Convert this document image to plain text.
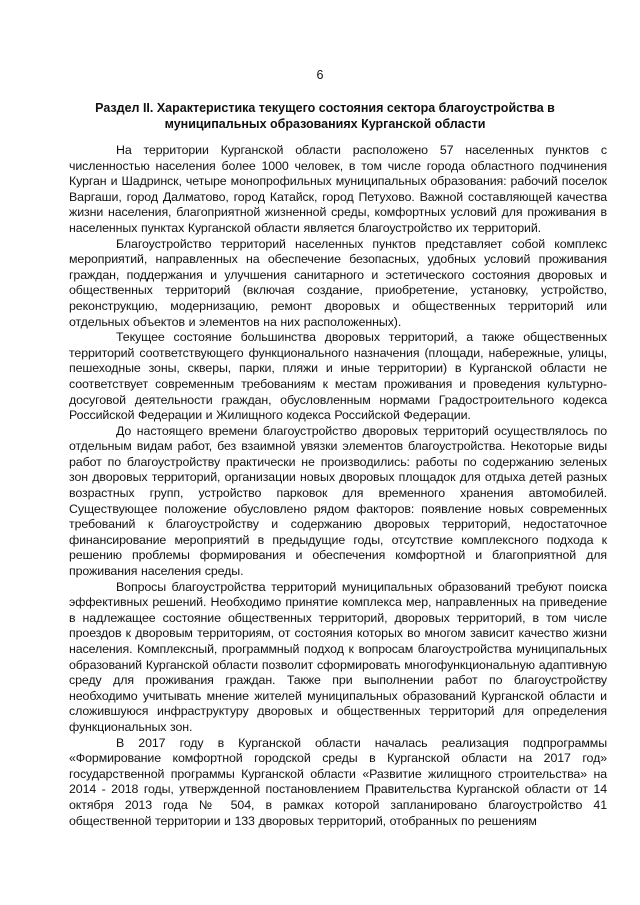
6
Раздел II. Характеристика текущего состояния сектора благоустройства в муниципальных образованиях Курганской области

На территории Курганской области расположено 57 населенных пунктов с численностью населения более 1000 человек, в том числе города областного подчинения Курган и Шадринск, четыре монопрофильных муниципальных образования: рабочий поселок Варгаши, город Далматово, город Катайск, город Петухово. Важной составляющей качества жизни населения, благоприятной жизненной среды, комфортных условий для проживания в населенных пунктах Курганской области является благоустройство их территорий.

Благоустройство территорий населенных пунктов представляет собой комплекс мероприятий, направленных на обеспечение безопасных, удобных условий проживания граждан, поддержания и улучшения санитарного и эстетического состояния дворовых и общественных территорий (включая создание, приобретение, установку, устройство, реконструкцию, модернизацию, ремонт дворовых и общественных территорий или отдельных объектов и элементов на них расположенных).

Текущее состояние большинства дворовых территорий, а также общественных территорий соответствующего функционального назначения (площади, набережные, улицы, пешеходные зоны, скверы, парки, пляжи и иные территории) в Курганской области не соответствует современным требованиям к местам проживания и проведения культурно-досуговой деятельности граждан, обусловленным нормами Градостроительного кодекса Российской Федерации и Жилищного кодекса Российской Федерации.

До настоящего времени благоустройство дворовых территорий осуществлялось по отдельным видам работ, без взаимной увязки элементов благоустройства. Некоторые виды работ по благоустройству практически не производились: работы по содержанию зеленых зон дворовых территорий, организации новых дворовых площадок для отдыха детей разных возрастных групп, устройство парковок для временного хранения автомобилей. Существующее положение обусловлено рядом факторов: появление новых современных требований к благоустройству и содержанию дворовых территорий, недостаточное финансирование мероприятий в предыдущие годы, отсутствие комплексного подхода к решению проблемы формирования и обеспечения комфортной и благоприятной для проживания населения среды.

Вопросы благоустройства территорий муниципальных образований требуют поиска эффективных решений. Необходимо принятие комплекса мер, направленных на приведение в надлежащее состояние общественных территорий, дворовых территорий, в том числе проездов к дворовым территориям, от состояния которых во многом зависит качество жизни населения. Комплексный, программный подход к вопросам благоустройства муниципальных образований Курганской области позволит сформировать многофункциональную адаптивную среду для проживания граждан. Также при выполнении работ по благоустройству необходимо учитывать мнение жителей муниципальных образований Курганской области и сложившуюся инфраструктуру дворовых и общественных территорий для определения функциональных зон.

В 2017 году в Курганской области началась реализация подпрограммы «Формирование комфортной городской среды в Курганской области на 2017 год» государственной программы Курганской области «Развитие жилищного строительства» на 2014 - 2018 годы, утвержденной постановлением Правительства Курганской области от 14 октября 2013 года № 504, в рамках которой запланировано благоустройство 41 общественной территории и 133 дворовых территорий, отобранных по решениям
